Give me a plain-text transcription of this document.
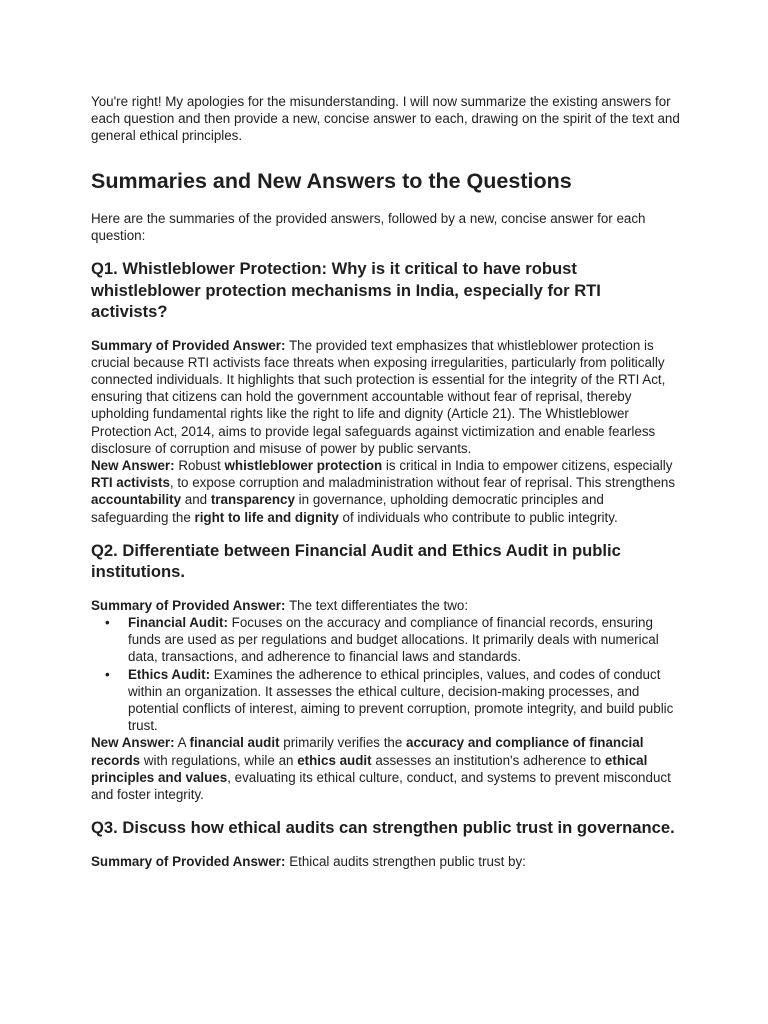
You're right! My apologies for the misunderstanding. I will now summarize the existing answers for each question and then provide a new, concise answer to each, drawing on the spirit of the text and general ethical principles.

Summaries and New Answers to the Questions

Here are the summaries of the provided answers, followed by a new, concise answer for each question:

Q1. Whistleblower Protection: Why is it critical to have robust whistleblower protection mechanisms in India, especially for RTI activists?

Summary of Provided Answer: The provided text emphasizes that whistleblower protection is crucial because RTI activists face threats when exposing irregularities, particularly from politically connected individuals. It highlights that such protection is essential for the integrity of the RTI Act, ensuring that citizens can hold the government accountable without fear of reprisal, thereby upholding fundamental rights like the right to life and dignity (Article 21). The Whistleblower Protection Act, 2014, aims to provide legal safeguards against victimization and enable fearless disclosure of corruption and misuse of power by public servants.

New Answer: Robust whistleblower protection is critical in India to empower citizens, especially RTI activists, to expose corruption and maladministration without fear of reprisal. This strengthens accountability and transparency in governance, upholding democratic principles and safeguarding the right to life and dignity of individuals who contribute to public integrity.

Q2. Differentiate between Financial Audit and Ethics Audit in public institutions.

Summary of Provided Answer: The text differentiates the two:

• Financial Audit: Focuses on the accuracy and compliance of financial records, ensuring funds are used as per regulations and budget allocations. It primarily deals with numerical data, transactions, and adherence to financial laws and standards.
• Ethics Audit: Examines the adherence to ethical principles, values, and codes of conduct within an organization. It assesses the ethical culture, decision-making processes, and potential conflicts of interest, aiming to prevent corruption, promote integrity, and build public trust.

New Answer: A financial audit primarily verifies the accuracy and compliance of financial records with regulations, while an ethics audit assesses an institution's adherence to ethical principles and values, evaluating its ethical culture, conduct, and systems to prevent misconduct and foster integrity.

Q3. Discuss how ethical audits can strengthen public trust in governance.

Summary of Provided Answer: Ethical audits strengthen public trust by:
